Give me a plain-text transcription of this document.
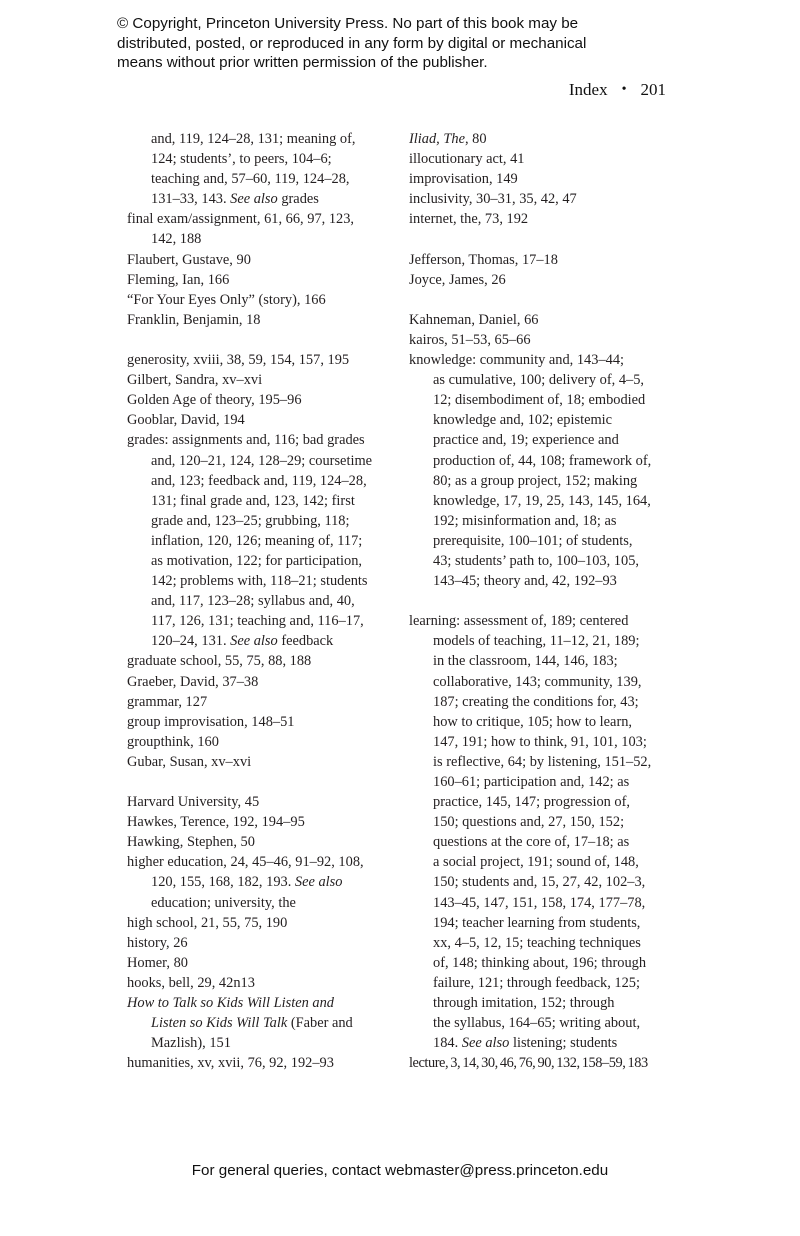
© Copyright, Princeton University Press. No part of this book may be
distributed, posted, or reproduced in any form by digital or mechanical
means without prior written permission of the publisher.
Index • 201
and, 119, 124–28, 131; meaning of,
124; students’, to peers, 104–6;
teaching and, 57–60, 119, 124–28,
131–33, 143. See also grades
final exam/assignment, 61, 66, 97, 123,
142, 188
Flaubert, Gustave, 90
Fleming, Ian, 166
“For Your Eyes Only” (story), 166
Franklin, Benjamin, 18
generosity, xviii, 38, 59, 154, 157, 195
Gilbert, Sandra, xv–xvi
Golden Age of theory, 195–96
Gooblar, David, 194
grades: assignments and, 116; bad grades
and, 120–21, 124, 128–29; coursetime
and, 123; feedback and, 119, 124–28,
131; final grade and, 123, 142; first
grade and, 123–25; grubbing, 118;
inflation, 120, 126; meaning of, 117;
as motivation, 122; for participation,
142; problems with, 118–21; students
and, 117, 123–28; syllabus and, 40,
117, 126, 131; teaching and, 116–17,
120–24, 131. See also feedback
graduate school, 55, 75, 88, 188
Graeber, David, 37–38
grammar, 127
group improvisation, 148–51
groupthink, 160
Gubar, Susan, xv–xvi
Harvard University, 45
Hawkes, Terence, 192, 194–95
Hawking, Stephen, 50
higher education, 24, 45–46, 91–92, 108,
120, 155, 168, 182, 193. See also
education; university, the
high school, 21, 55, 75, 190
history, 26
Homer, 80
hooks, bell, 29, 42n13
How to Talk so Kids Will Listen and
Listen so Kids Will Talk (Faber and
Mazlish), 151
humanities, xv, xvii, 76, 92, 192–93
Iliad, The, 80
illocutionary act, 41
improvisation, 149
inclusivity, 30–31, 35, 42, 47
internet, the, 73, 192
Jefferson, Thomas, 17–18
Joyce, James, 26
Kahneman, Daniel, 66
kairos, 51–53, 65–66
knowledge: community and, 143–44;
as cumulative, 100; delivery of, 4–5,
12; disembodiment of, 18; embodied
knowledge and, 102; epistemic
practice and, 19; experience and
production of, 44, 108; framework of,
80; as a group project, 152; making
knowledge, 17, 19, 25, 143, 145, 164,
192; misinformation and, 18; as
prerequisite, 100–101; of students,
43; students’ path to, 100–103, 105,
143–45; theory and, 42, 192–93
learning: assessment of, 189; centered
models of teaching, 11–12, 21, 189;
in the classroom, 144, 146, 183;
collaborative, 143; community, 139,
187; creating the conditions for, 43;
how to critique, 105; how to learn,
147, 191; how to think, 91, 101, 103;
is reflective, 64; by listening, 151–52,
160–61; participation and, 142; as
practice, 145, 147; progression of,
150; questions and, 27, 150, 152;
questions at the core of, 17–18; as
a social project, 191; sound of, 148,
150; students and, 15, 27, 42, 102–3,
143–45, 147, 151, 158, 174, 177–78,
194; teacher learning from students,
xx, 4–5, 12, 15; teaching techniques
of, 148; thinking about, 196; through
failure, 121; through feedback, 125;
through imitation, 152; through
the syllabus, 164–65; writing about,
184. See also listening; students
lecture, 3, 14, 30, 46, 76, 90, 132, 158–59, 183
For general queries, contact webmaster@press.princeton.edu
